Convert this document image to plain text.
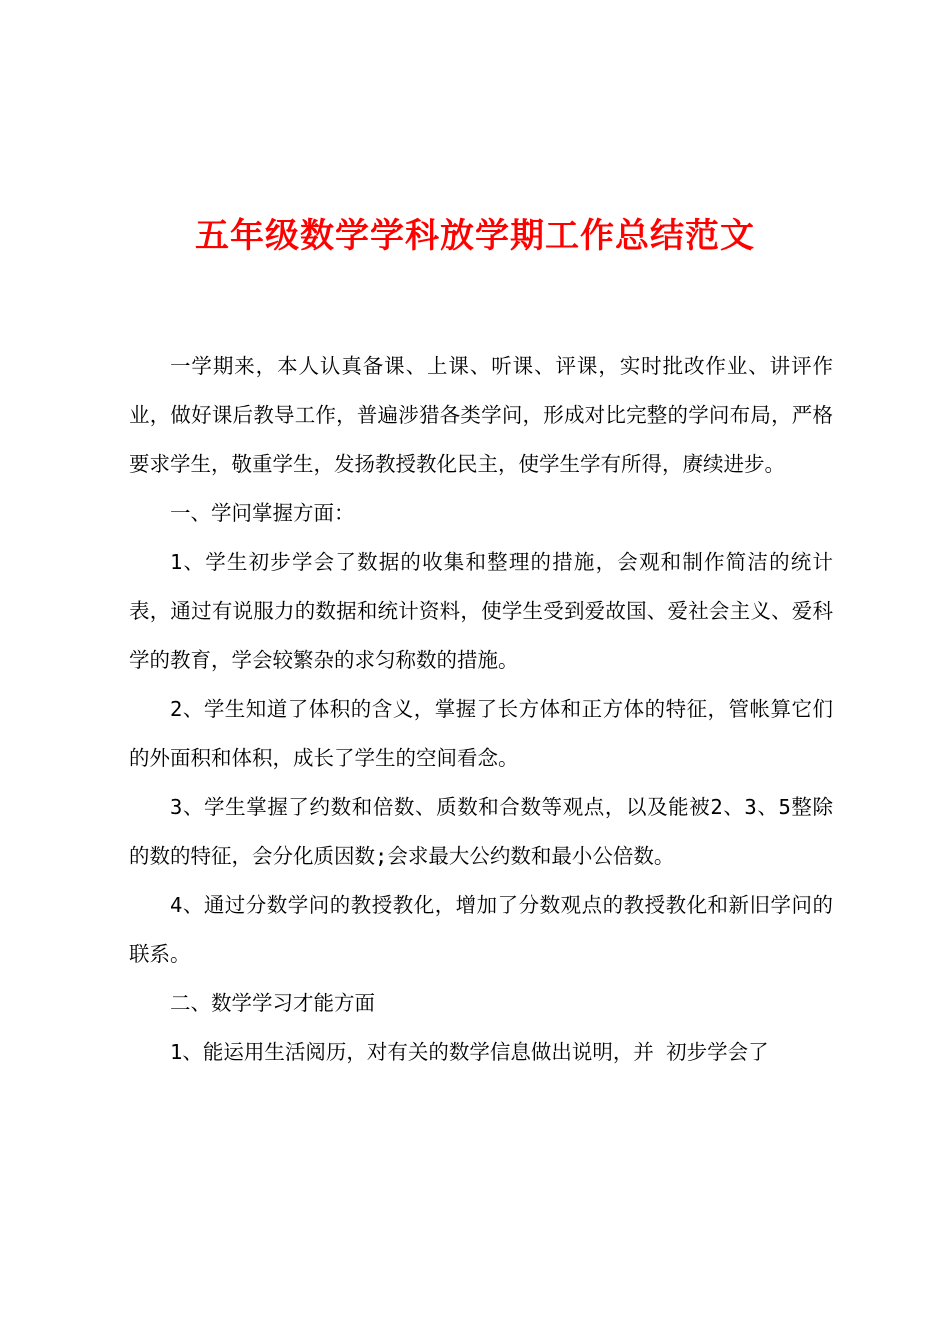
五年级数学学科放学期工作总结范文

一学期来，本人认真备课、上课、听课、评课，实时批改作业、讲评作业，做好课后教导工作，普遍涉猎各类学问，形成对比完整的学问布局，严格要求学生，敬重学生，发扬教授教化民主，使学生学有所得，赓续进步。

一、学问掌握方面：

1、学生初步学会了数据的收集和整理的措施，会观和制作简洁的统计表，通过有说服力的数据和统计资料，使学生受到爱故国、爱社会主义、爱科学的教育，学会较繁杂的求匀称数的措施。

2、学生知道了体积的含义，掌握了长方体和正方体的特征，管帐算它们的外面积和体积，成长了学生的空间看念。

3、学生掌握了约数和倍数、质数和合数等观点，以及能被2、3、5整除的数的特征，会分化质因数;会求最大公约数和最小公倍数。

4、通过分数学问的教授教化，增加了分数观点的教授教化和新旧学问的联系。

二、数学学习才能方面

1、能运用生活阅历，对有关的数学信息做出说明，并 初步学会了
